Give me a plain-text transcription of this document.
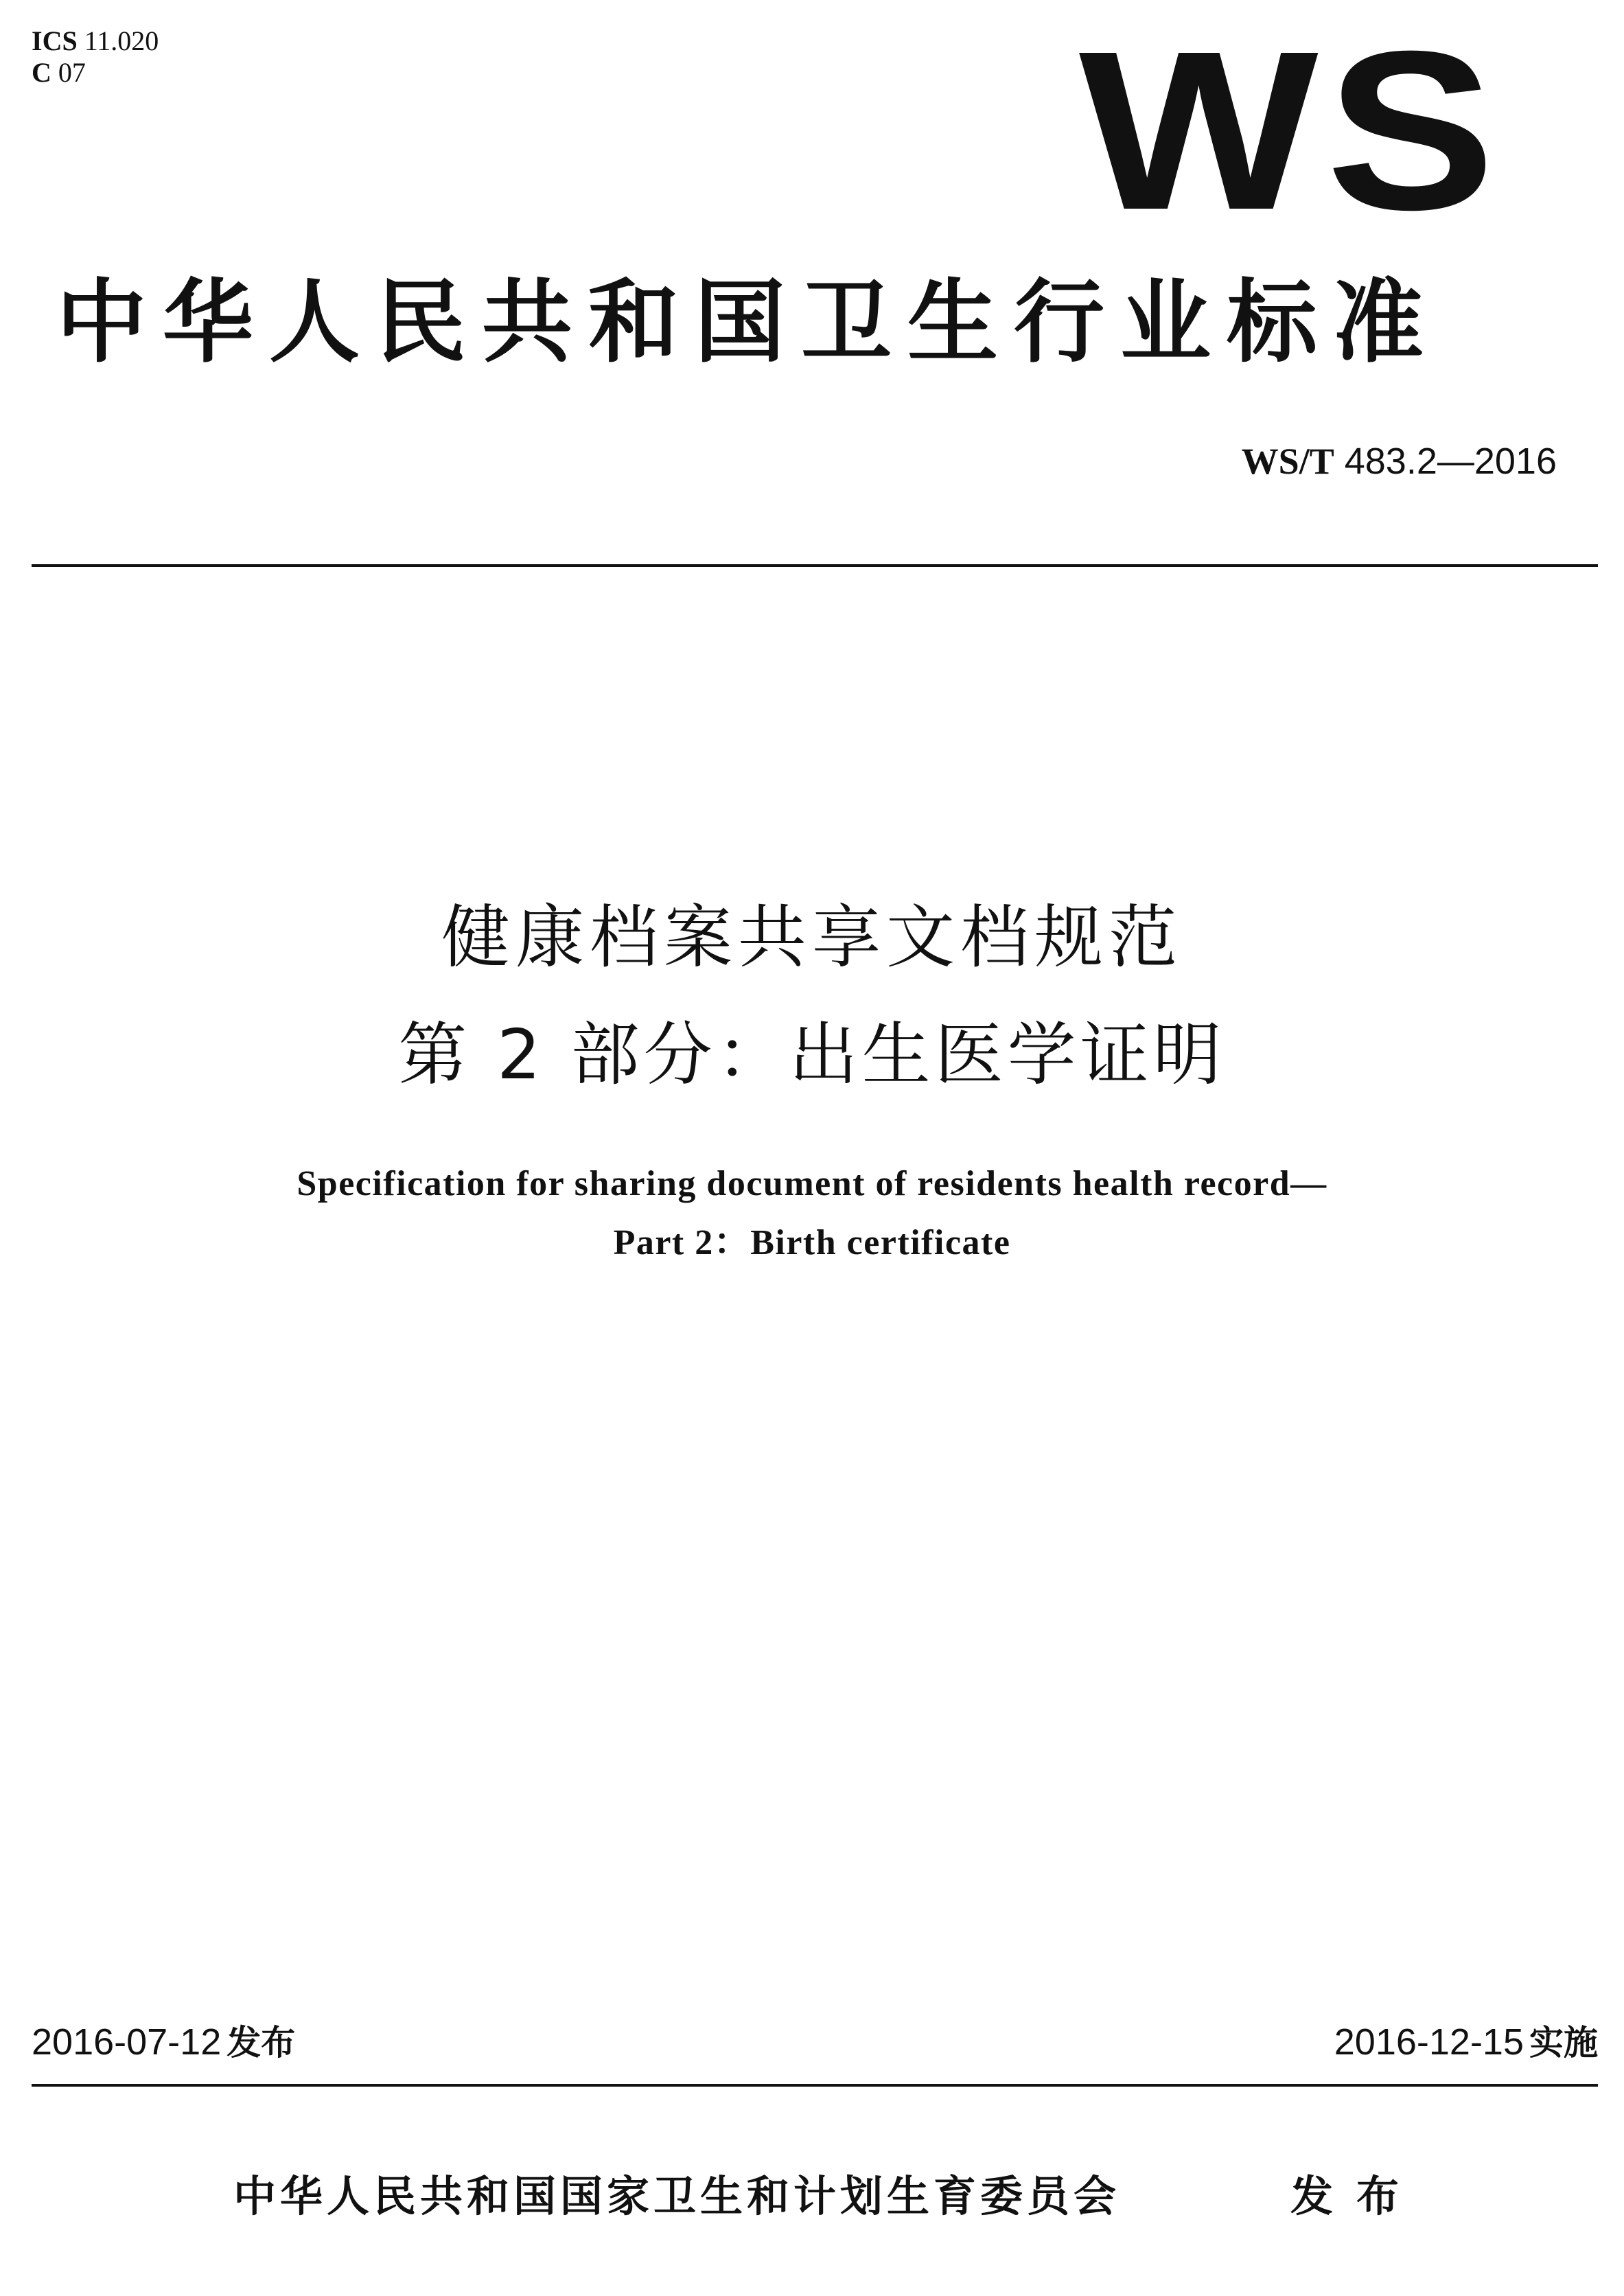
ICS 11.020
C 07	WS
中华人民共和国卫生行业标准
WS/T 483.2—2016
健康档案共享文档规范
第 2 部分：出生医学证明
Specification for sharing document of residents health record—
Part 2：Birth certificate
2016-07-12 发布	2016-12-15 实施
中华人民共和国国家卫生和计划生育委员会	发布
